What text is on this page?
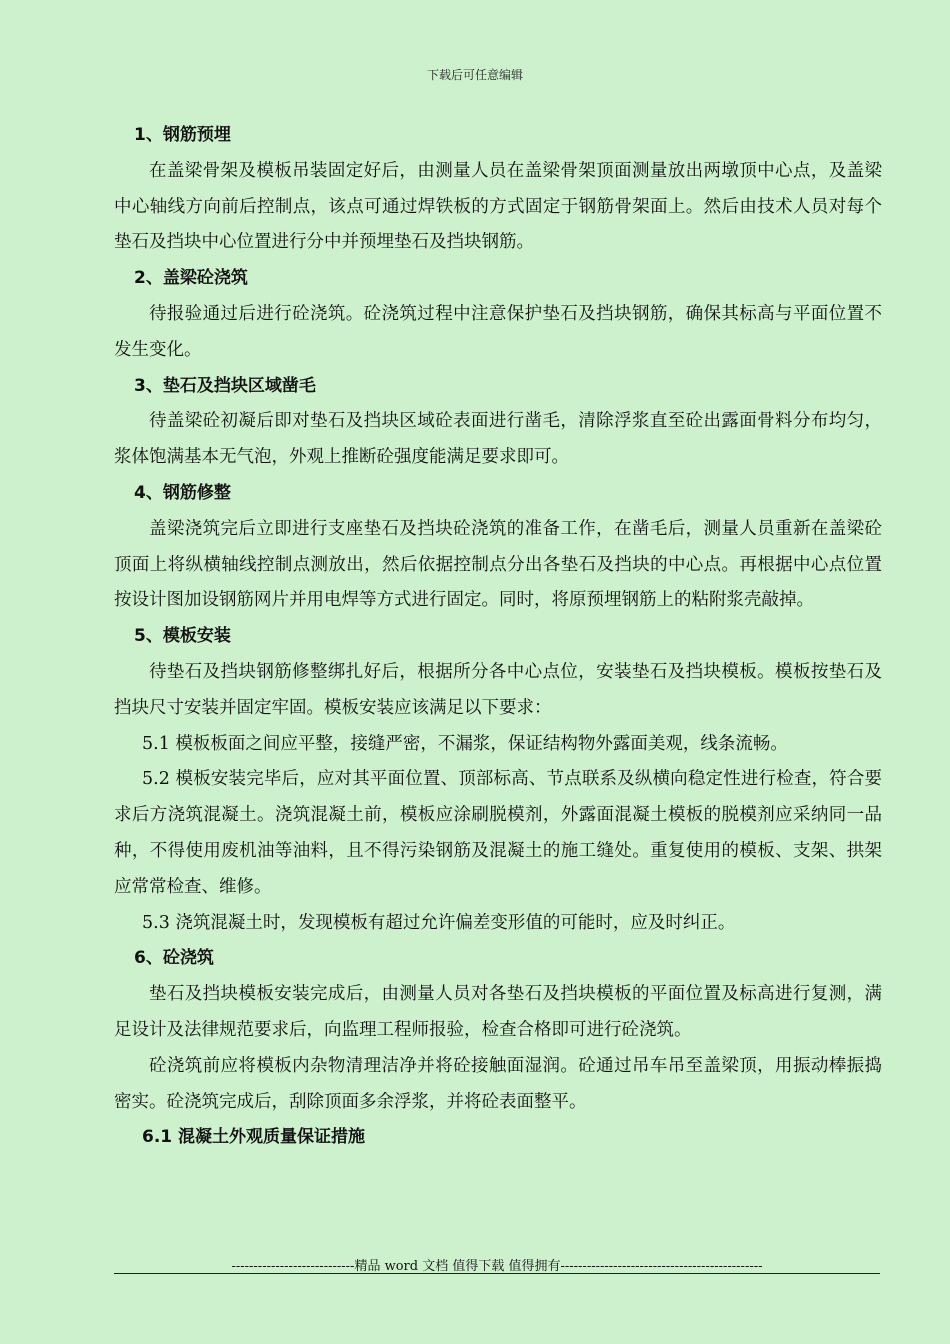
下载后可任意编辑

1、钢筋预埋

在盖梁骨架及模板吊装固定好后，由测量人员在盖梁骨架顶面测量放出两墩顶中心点，及盖梁中心轴线方向前后控制点，该点可通过焊铁板的方式固定于钢筋骨架面上。然后由技术人员对每个垫石及挡块中心位置进行分中并预埋垫石及挡块钢筋。

2、盖梁砼浇筑

待报验通过后进行砼浇筑。砼浇筑过程中注意保护垫石及挡块钢筋，确保其标高与平面位置不发生变化。

3、垫石及挡块区域凿毛

待盖梁砼初凝后即对垫石及挡块区域砼表面进行凿毛，清除浮浆直至砼出露面骨料分布均匀，浆体饱满基本无气泡，外观上推断砼强度能满足要求即可。

4、钢筋修整

盖梁浇筑完后立即进行支座垫石及挡块砼浇筑的准备工作，在凿毛后，测量人员重新在盖梁砼顶面上将纵横轴线控制点测放出，然后依据控制点分出各垫石及挡块的中心点。再根据中心点位置按设计图加设钢筋网片并用电焊等方式进行固定。同时，将原预埋钢筋上的粘附浆壳敲掉。

5、模板安装

待垫石及挡块钢筋修整绑扎好后，根据所分各中心点位，安装垫石及挡块模板。模板按垫石及挡块尺寸安装并固定牢固。模板安装应该满足以下要求：

5.1 模板板面之间应平整，接缝严密，不漏浆，保证结构物外露面美观，线条流畅。

5.2 模板安装完毕后，应对其平面位置、顶部标高、节点联系及纵横向稳定性进行检查，符合要求后方浇筑混凝土。浇筑混凝土前，模板应涂刷脱模剂，外露面混凝土模板的脱模剂应采纳同一品种，不得使用废机油等油料，且不得污染钢筋及混凝土的施工缝处。重复使用的模板、支架、拱架应常常检查、维修。

5.3 浇筑混凝土时，发现模板有超过允许偏差变形值的可能时，应及时纠正。

6、砼浇筑

垫石及挡块模板安装完成后，由测量人员对各垫石及挡块模板的平面位置及标高进行复测，满足设计及法律规范要求后，向监理工程师报验，检查合格即可进行砼浇筑。

砼浇筑前应将模板内杂物清理洁净并将砼接触面湿润。砼通过吊车吊至盖梁顶，用振动棒振捣密实。砼浇筑完成后，刮除顶面多余浮浆，并将砼表面整平。

6.1 混凝土外观质量保证措施

----------------------------精品 word 文档 值得下载 值得拥有----------------------------------------------
